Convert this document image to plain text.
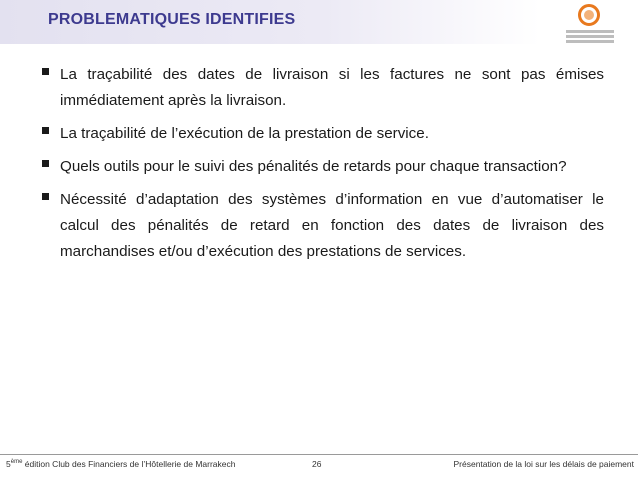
PROBLEMATIQUES IDENTIFIES
La traçabilité des dates de livraison si les factures ne sont pas émises immédiatement après la livraison.
La traçabilité de l’exécution de la prestation de service.
Quels outils pour le suivi des pénalités de retards pour chaque transaction?
Nécessité d’adaptation des systèmes d’information en vue d’automatiser le calcul des pénalités de retard en fonction des dates de livraison des marchandises et/ou d’exécution des prestations de services.
5ème édition Club des Financiers de l’Hôtellerie de Marrakech	26	Présentation de la loi sur les délais de paiement
